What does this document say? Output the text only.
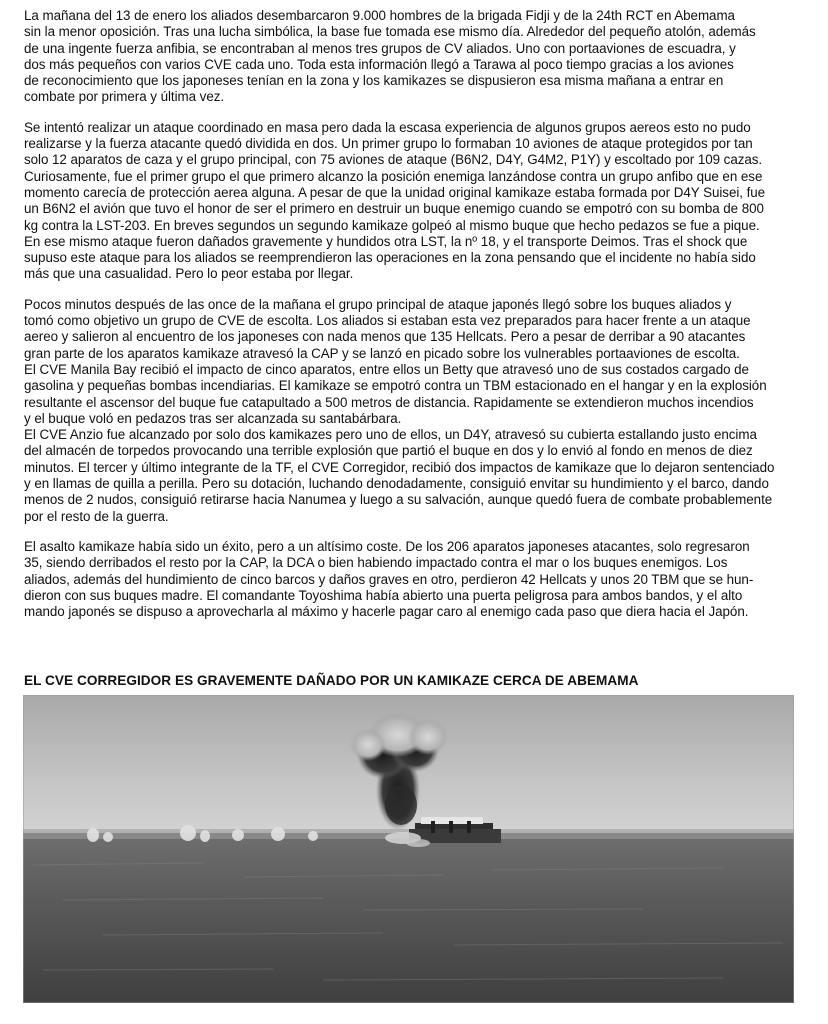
La mañana del 13 de enero los aliados desembarcaron 9.000 hombres de la brigada Fidji y de la 24th RCT en Abemama
sin la menor oposición. Tras una lucha simbólica, la base fue tomada ese mismo día. Alrededor del pequeño atolón, además
de una ingente fuerza anfibia, se encontraban al menos tres grupos de CV aliados. Uno con portaaviones de escuadra, y
dos más pequeños con varios CVE cada uno. Toda esta información llegó a Tarawa al poco tiempo gracias a los aviones
de reconocimiento que los japoneses tenían en la zona y los kamikazes se dispusieron esa misma mañana a entrar en
combate por primera y última vez.

Se intentó realizar un ataque coordinado en masa pero dada la escasa experiencia de algunos grupos aereos esto no pudo
realizarse y la fuerza atacante quedó dividida en dos. Un primer grupo lo formaban 10 aviones de ataque protegidos por tan
solo 12 aparatos de caza y el grupo principal, con 75 aviones de ataque (B6N2, D4Y, G4M2, P1Y) y escoltado por 109 cazas.
Curiosamente, fue el primer grupo el que primero alcanzo la posición enemiga lanzándose contra un grupo anfibo que en ese
momento carecía de protección aerea alguna. A pesar de que la unidad original kamikaze estaba formada por D4Y Suisei, fue
un B6N2 el avión que tuvo el honor de ser el primero en destruir un buque enemigo cuando se empotró con su bomba de 800
kg contra la LST-203. En breves segundos un segundo kamikaze golpeó al mismo buque que hecho pedazos se fue a pique.
En ese mismo ataque fueron dañados gravemente y hundidos otra LST, la nº 18, y el transporte Deimos. Tras el shock que
supuso este ataque para los aliados se reemprendieron las operaciones en la zona pensando que el incidente no había sido
más que una casualidad. Pero lo peor estaba por llegar.

Pocos minutos después de las once de la mañana el grupo principal de ataque japonés llegó sobre los buques aliados y
tomó como objetivo un grupo de CVE de escolta. Los aliados si estaban esta vez preparados para hacer frente a un ataque
aereo y salieron al encuentro de los japoneses con nada menos que 135 Hellcats. Pero a pesar de derribar a 90 atacantes
gran parte de los aparatos kamikaze atravesó la CAP y se lanzó en picado sobre los vulnerables portaaviones de escolta.
El CVE Manila Bay recibió el impacto de cinco aparatos, entre ellos un Betty que atravesó uno de sus costados cargado de
gasolina y pequeñas bombas incendiarias. El kamikaze se empotró contra un TBM estacionado en el hangar y en la explosión
resultante el ascensor del buque fue catapultado a 500 metros de distancia. Rapidamente se extendieron muchos incendios
y el buque voló en pedazos tras ser alcanzada su santabárbara.
El CVE Anzio fue alcanzado por solo dos kamikazes pero uno de ellos, un D4Y, atravesó su cubierta estallando justo encima
del almacén de torpedos provocando una terrible explosión que partió el buque en dos y lo envió al fondo en menos de diez
minutos. El tercer y último integrante de la TF, el CVE Corregidor, recibió dos impactos de kamikaze que lo dejaron sentenciado
y en llamas de quilla a perilla. Pero su dotación, luchando denodadamente, consiguió envitar su hundimiento y el barco, dando
menos de 2 nudos, consiguió retirarse hacia Nanumea y luego a su salvación, aunque quedó fuera de combate probablemente
por el resto de la guerra.

El asalto kamikaze había sido un éxito, pero a un altísimo coste. De los 206 aparatos japoneses atacantes, solo regresaron
35, siendo derribados el resto por la CAP, la DCA o bien habiendo impactado contra el mar o los buques enemigos. Los
aliados, además del hundimiento de cinco barcos y daños graves en otro, perdieron 42 Hellcats y unos 20 TBM que se hun-
dieron con sus buques madre. El comandante Toyoshima había abierto una puerta peligrosa para ambos bandos, y el alto
mando japonés se dispuso a aprovecharla al máximo y hacerle pagar caro al enemigo cada paso que diera hacia el Japón.

EL CVE CORREGIDOR ES GRAVEMENTE DAÑADO POR UN KAMIKAZE CERCA DE ABEMAMA
